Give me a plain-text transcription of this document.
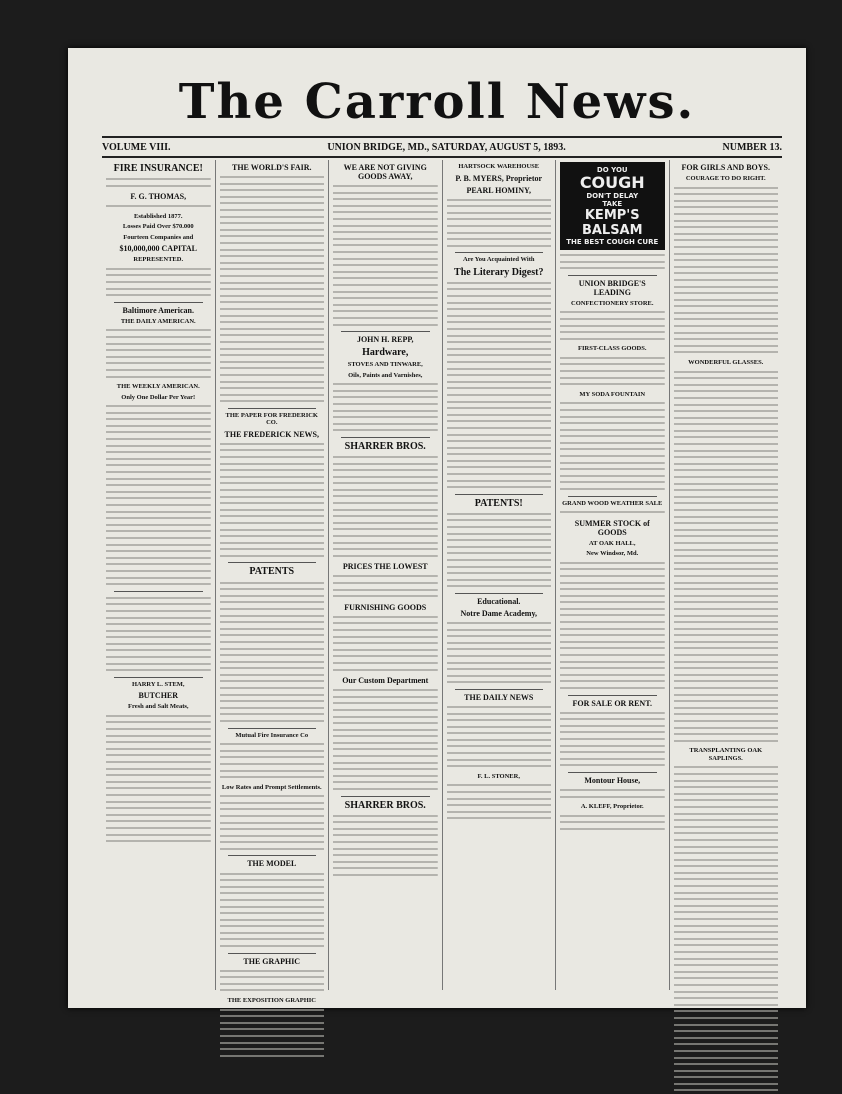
The Carroll News.
VOLUME VIII.	UNION BRIDGE, MD., SATURDAY, AUGUST 5, 1893.	NUMBER 13.
FIRE INSURANCE!
F. G. THOMAS,
Established 1877.
Losses Paid Over $70.000
Fourteen Companies and
$10,000,000 CAPITAL
REPRESENTED.
Baltimore American.
THE DAILY AMERICAN.
THE WEEKLY AMERICAN.
Only One Dollar Per Year!
HARRY L. STEM,
BUTCHER
Fresh and Salt Meats,
THE WORLD'S FAIR.
THE PAPER FOR FREDERICK CO.
THE FREDERICK NEWS,
PATENTS
Mutual Fire Insurance Co
Low Rates and Prompt Settlements.
THE MODEL
THE GRAPHIC
THE EXPOSITION GRAPHIC
WE ARE NOT GIVING GOODS AWAY,
JOHN H. REPP,
Hardware,
STOVES AND TINWARE,
Oils, Paints and Varnishes,
SHARRER BROS.
PRICES THE LOWEST
FURNISHING GOODS
Our Custom Department
SHARRER BROS.
HARTSOCK WAREHOUSE
P. B. MYERS, Proprietor
PEARL HOMINY,
Are You Acquainted With
The Literary Digest?
PATENTS!
Educational.
Notre Dame Academy,
THE DAILY NEWS
F. L. STONER,
DO YOU
COUGH
DON'T DELAY
TAKE
KEMP'S
BALSAM
THE BEST COUGH CURE
UNION BRIDGE'S LEADING
CONFECTIONERY STORE.
FIRST-CLASS GOODS.
MY SODA FOUNTAIN
GRAND WOOD WEATHER SALE
SUMMER STOCK of GOODS
AT OAK HALL,
New Windsor, Md.
FOR SALE OR RENT.
Montour House,
A. KLEFF, Proprietor.
FOR GIRLS AND BOYS.
COURAGE TO DO RIGHT.
WONDERFUL GLASSES.
TRANSPLANTING OAK SAPLINGS.
